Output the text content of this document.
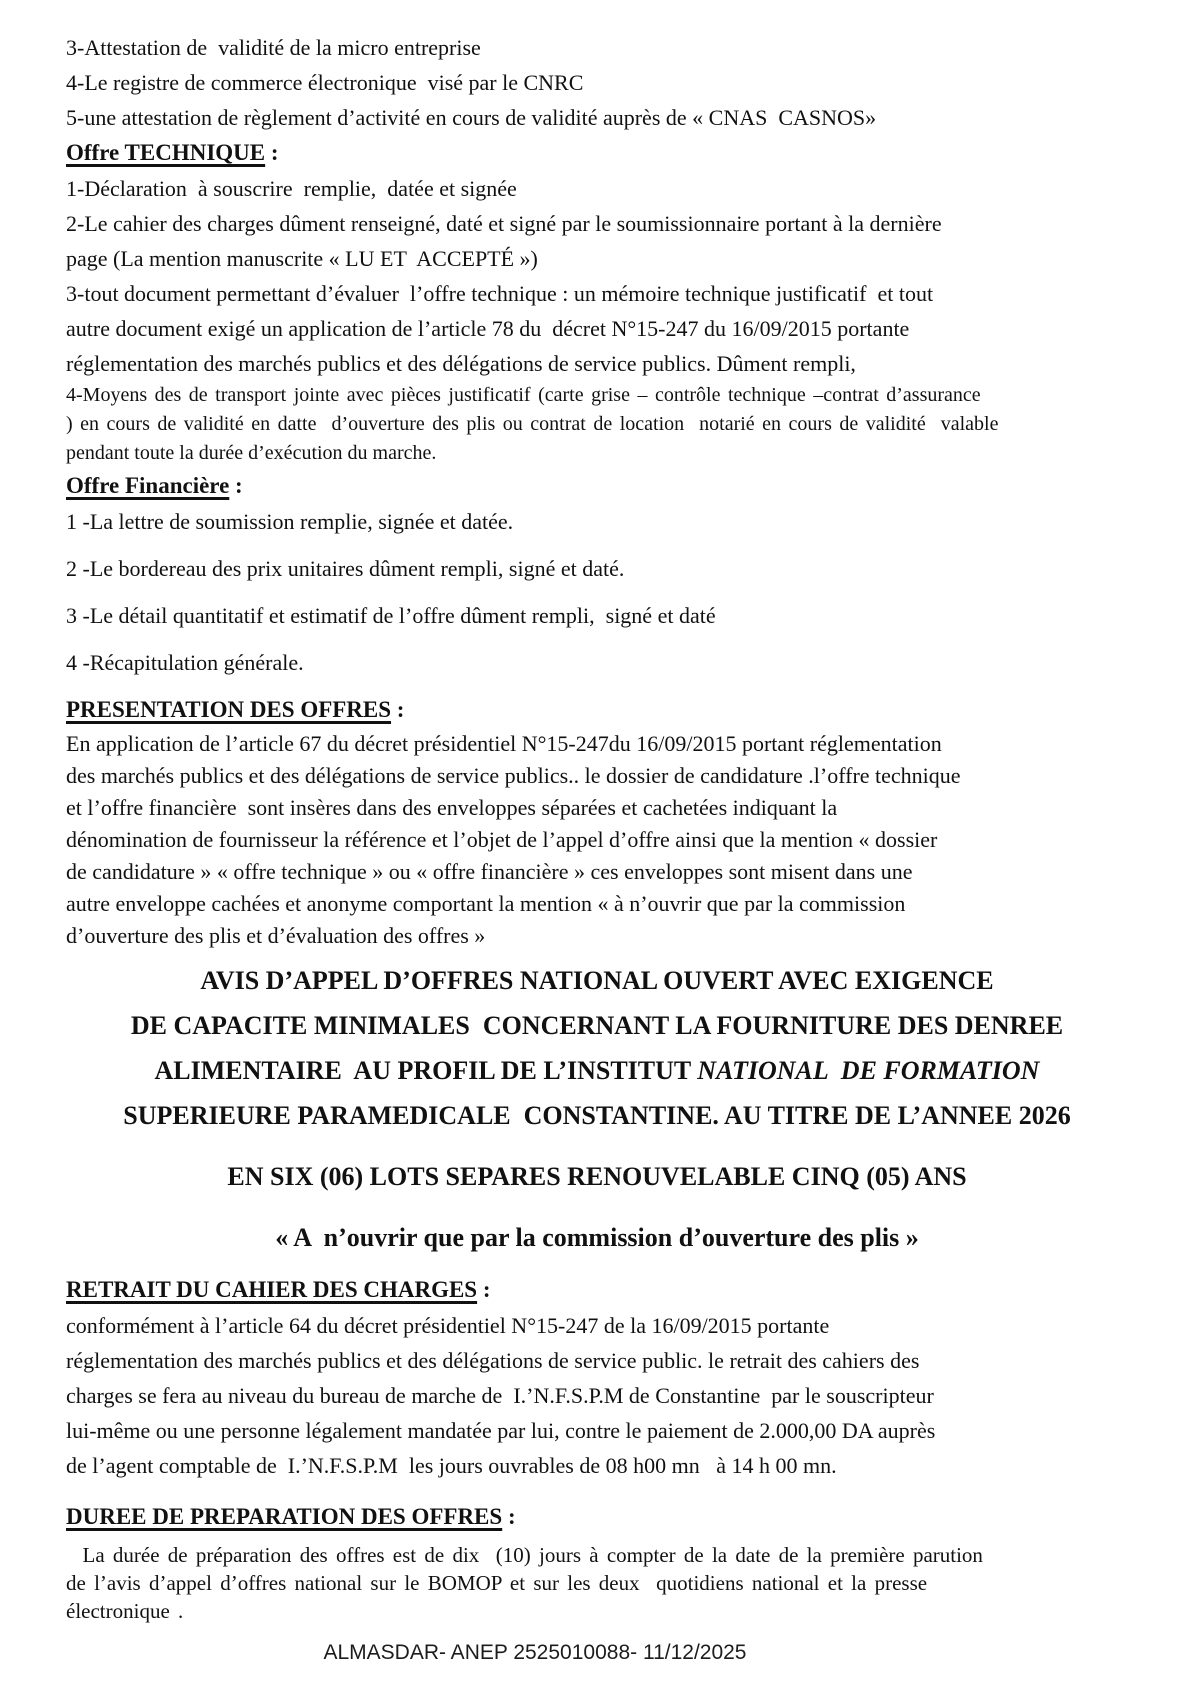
3-Attestation de  validité de la micro entreprise
4-Le registre de commerce électronique  visé par le CNRC
5-une attestation de règlement d’activité en cours de validité auprès de « CNAS  CASNOS»
Offre TECHNIQUE :
1-Déclaration  à souscrire  remplie,  datée et signée
2-Le cahier des charges dûment renseigné, daté et signé par le soumissionnaire portant à la dernière
page (La mention manuscrite « LU ET  ACCEPTÉ »)
3-tout document permettant d’évaluer  l’offre technique : un mémoire technique justificatif  et tout
autre document exigé un application de l’article 78 du  décret N°15-247 du 16/09/2015 portante
réglementation des marchés publics et des délégations de service publics. Dûment rempli,
4-Moyens des de transport jointe avec pièces justificatif (carte grise – contrôle technique –contrat d’assurance
) en cours de validité en datte  d’ouverture des plis ou contrat de location  notarié en cours de validité  valable
pendant toute la durée d’exécution du marche.
Offre Financière :
1 -La lettre de soumission remplie, signée et datée.
2 -Le bordereau des prix unitaires dûment rempli, signé et daté.
3 -Le détail quantitatif et estimatif de l’offre dûment rempli,  signé et daté
4 -Récapitulation générale.
PRESENTATION DES OFFRES :
En application de l’article 67 du décret présidentiel N°15-247du 16/09/2015 portant réglementation
des marchés publics et des délégations de service publics.. le dossier de candidature .l’offre technique
et l’offre financière  sont insères dans des enveloppes séparées et cachetées indiquant la
dénomination de fournisseur la référence et l’objet de l’appel d’offre ainsi que la mention « dossier
de candidature » « offre technique » ou « offre financière » ces enveloppes sont misent dans une
autre enveloppe cachées et anonyme comportant la mention « à n’ouvrir que par la commission
d’ouverture des plis et d’évaluation des offres »
AVIS D’APPEL D’OFFRES NATIONAL OUVERT AVEC EXIGENCE
DE CAPACITE MINIMALES  CONCERNANT LA FOURNITURE DES DENREE
ALIMENTAIRE  AU PROFIL DE L’INSTITUT NATIONAL  DE FORMATION
SUPERIEURE PARAMEDICALE  CONSTANTINE. AU TITRE DE L’ANNEE 2026
EN SIX (06) LOTS SEPARES RENOUVELABLE CINQ (05) ANS
« A  n’ouvrir que par la commission d’ouverture des plis »
RETRAIT DU CAHIER DES CHARGES :
conformément à l’article 64 du décret présidentiel N°15-247 de la 16/09/2015 portante
réglementation des marchés publics et des délégations de service public. le retrait des cahiers des
charges se fera au niveau du bureau de marche de  I.’N.F.S.P.M de Constantine  par le souscripteur
lui-même ou une personne légalement mandatée par lui, contre le paiement de 2.000,00 DA auprès
de l’agent comptable de  I.’N.F.S.P.M  les jours ouvrables de 08 h00 mn   à 14 h 00 mn.
DUREE DE PREPARATION DES OFFRES :
La durée de préparation des offres est de dix  (10) jours à compter de la date de la première parution
de l’avis d’appel d’offres national sur le BOMOP et sur les deux  quotidiens national et la presse
électronique .
ALMASDAR- ANEP 2525010088- 11/12/2025
